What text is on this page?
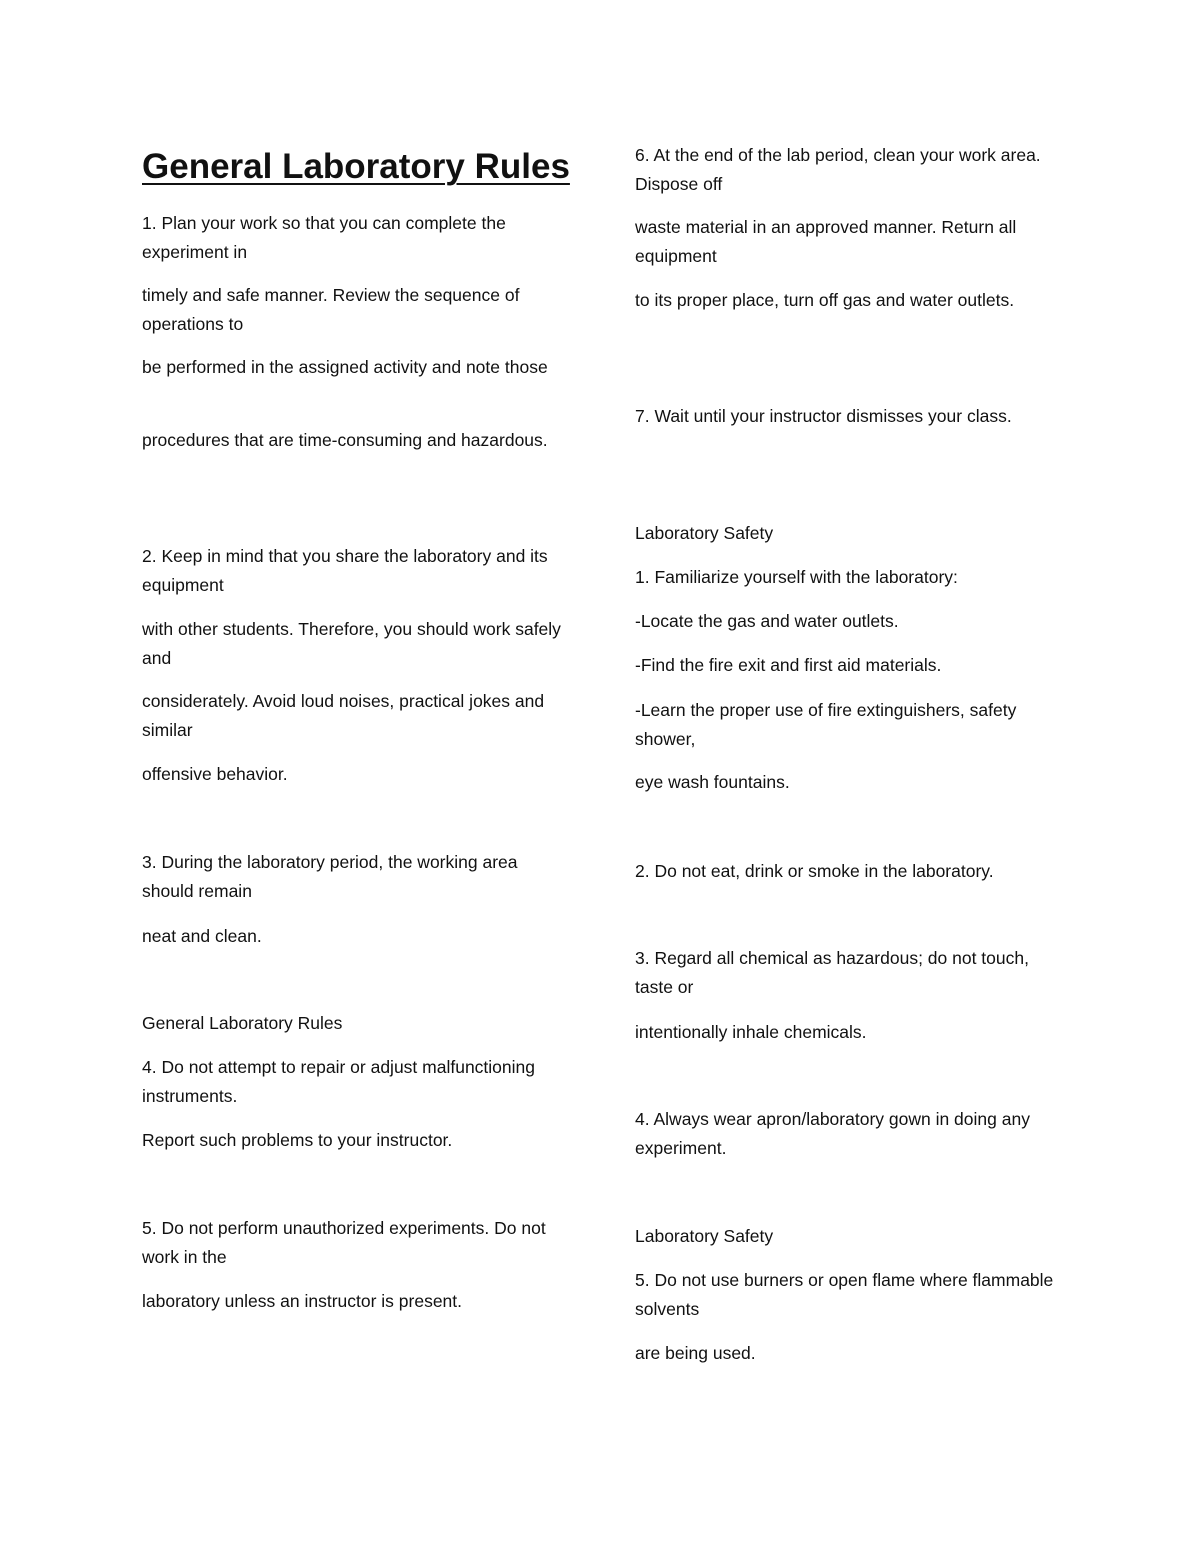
General Laboratory Rules

1. Plan your work so that you can complete the experiment in

timely and safe manner. Review the sequence of operations to

be performed in the assigned activity and note those

procedures that are time-consuming and hazardous.

2. Keep in mind that you share the laboratory and its equipment

with other students. Therefore, you should work safely and

considerately. Avoid loud noises, practical jokes and similar

offensive behavior.

3. During the laboratory period, the working area should remain

neat and clean.

General Laboratory Rules

4. Do not attempt to repair or adjust malfunctioning instruments.

Report such problems to your instructor.

5. Do not perform unauthorized experiments. Do not work in the

laboratory unless an instructor is present.

6. At the end of the lab period, clean your work area. Dispose off

waste material in an approved manner. Return all equipment

to its proper place, turn off gas and water outlets.

7. Wait until your instructor dismisses your class.

Laboratory Safety

1. Familiarize yourself with the laboratory:

-Locate the gas and water outlets.

-Find the fire exit and first aid materials.

-Learn the proper use of fire extinguishers, safety shower,

eye wash fountains.

2. Do not eat, drink or smoke in the laboratory.

3. Regard all chemical as hazardous; do not touch, taste or

intentionally inhale chemicals.

4. Always wear apron/laboratory gown in doing any experiment.

Laboratory Safety

5. Do not use burners or open flame where flammable solvents

are being used.
